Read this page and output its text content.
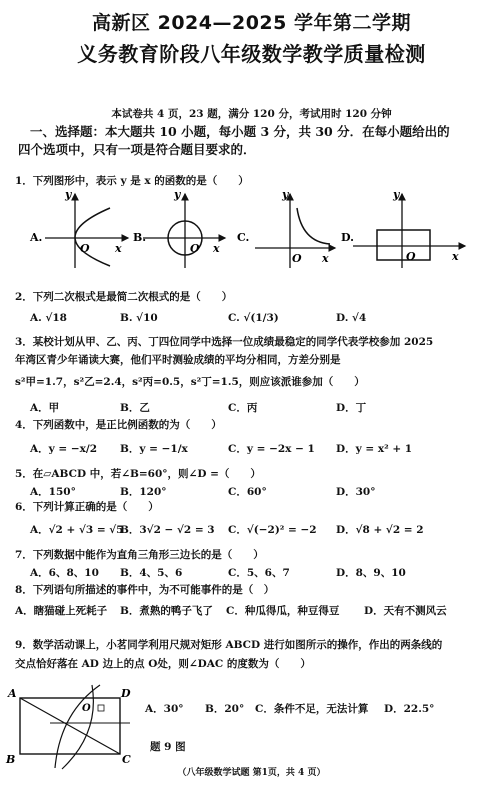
高新区 2024—2025 学年第二学期
义务教育阶段八年级数学教学质量检测
本试卷共 4 页，23 题，满分 120 分，考试用时 120 分钟
一、选择题：本大题共 10 小题，每小题 3 分，共 30 分．在每小题给出的
四个选项中，只有一项是符合题目要求的．
1．下列图形中，表示 y 是 x 的函数的是（　　）
y
x
O
A.
y
x
O
B.
y
x
O
C.
y
x
O
D.
2．下列二次根式是最简二次根式的是（　　）
A. √18	B. √10	C. √(1/3)	D. √4
3．某校计划从甲、乙、丙、丁四位同学中选择一位成绩最稳定的同学代表学校参加 2025
年湾区青少年诵读大赛，他们平时测验成绩的平均分相同，方差分别是
s²甲=1.7，s²乙=2.4，s²丙=0.5，s²丁=1.5，则应该派谁参加（　　）
A．甲	B．乙	C．丙	D．丁
4．下列函数中，是正比例函数的为（　　）
A．y = −x/2 B．y = −1/x	C．y = −2x − 1 D．y = x² + 1
5．在▱ABCD 中，若∠B=60°，则∠D =（　　）
A．150°	B．120°	C．60°	D．30°
6．下列计算正确的是（　　）
A．√2 + √3 = √5
B．3√2 − √2 = 3 C．√(−2)² = −2 D．√8 + √2 = 2
7．下列数据中能作为直角三角形三边长的是（　　）
A．6、8、10 B．4、5、6	C．5、6、7	D．8、9、10
8．下列语句所描述的事件中，为不可能事件的是（　）
A．瞎猫碰上死耗子 B．煮熟的鸭子飞了 C．种瓜得瓜，种豆得豆 D．天有不测风云
9．数学活动课上，小茗同学利用尺规对矩形 ABCD 进行如图所示的操作，作出的两条线的
交点恰好落在 AD 边上的点 O处，则∠DAC 的度数为（　　）
A
B	C
D
O	A．30° B．20° C．条件不足，无法计算 D．22.5°
题 9 图
（八年级数学试题 第1页，共 4 页）
